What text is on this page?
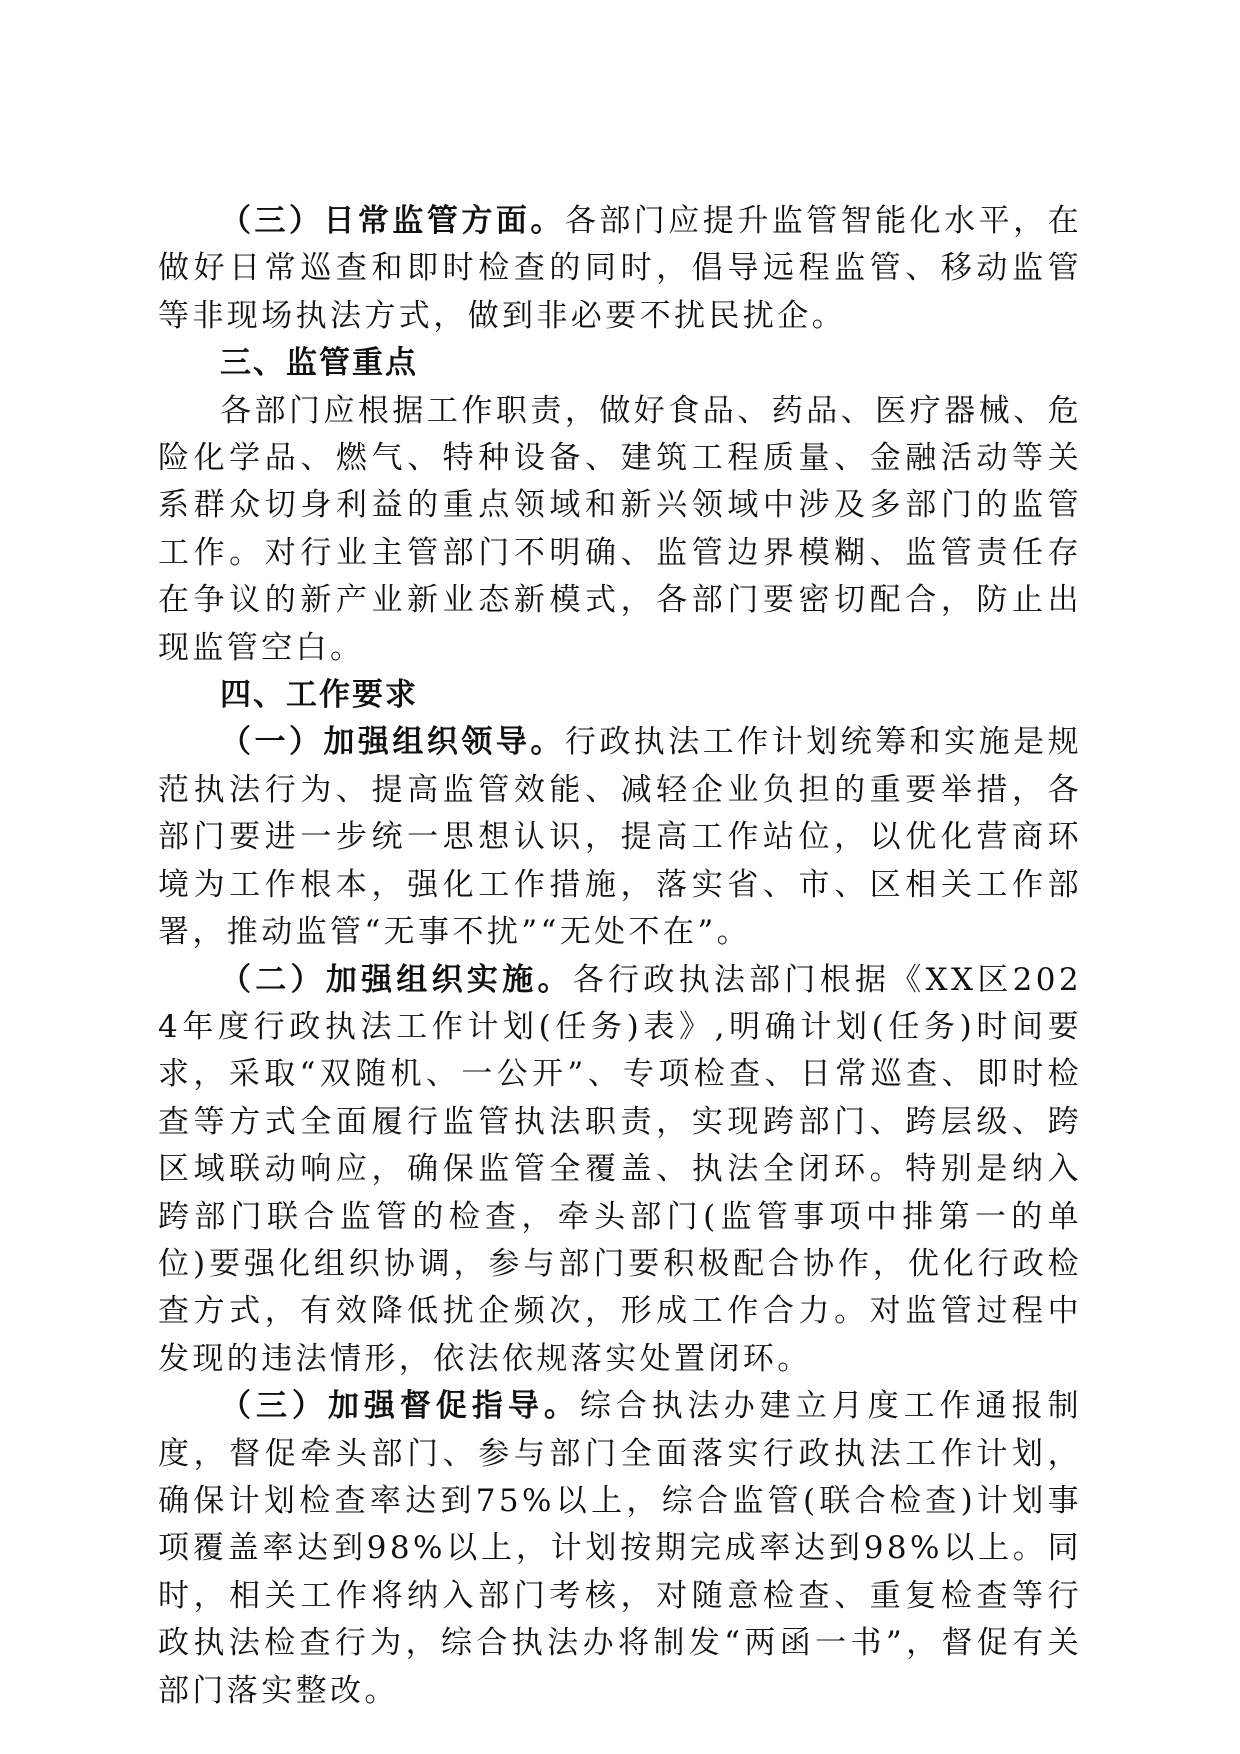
（三）日常监管方面。各部门应提升监管智能化水平，在做好日常巡查和即时检查的同时，倡导远程监管、移动监管等非现场执法方式，做到非必要不扰民扰企。

三、监管重点

各部门应根据工作职责，做好食品、药品、医疗器械、危险化学品、燃气、特种设备、建筑工程质量、金融活动等关系群众切身利益的重点领域和新兴领域中涉及多部门的监管工作。对行业主管部门不明确、监管边界模糊、监管责任存在争议的新产业新业态新模式，各部门要密切配合，防止出现监管空白。

四、工作要求

（一）加强组织领导。行政执法工作计划统筹和实施是规范执法行为、提高监管效能、减轻企业负担的重要举措，各部门要进一步统一思想认识，提高工作站位，以优化营商环境为工作根本，强化工作措施，落实省、市、区相关工作部署，推动监管“无事不扰”“无处不在”。

（二）加强组织实施。各行政执法部门根据《XX区2024年度行政执法工作计划(任务)表》,明确计划(任务)时间要求，采取“双随机、一公开”、专项检查、日常巡查、即时检查等方式全面履行监管执法职责，实现跨部门、跨层级、跨区域联动响应，确保监管全覆盖、执法全闭环。特别是纳入跨部门联合监管的检查，牵头部门(监管事项中排第一的单位)要强化组织协调，参与部门要积极配合协作，优化行政检查方式，有效降低扰企频次，形成工作合力。对监管过程中发现的违法情形，依法依规落实处置闭环。

（三）加强督促指导。综合执法办建立月度工作通报制度，督促牵头部门、参与部门全面落实行政执法工作计划，确保计划检查率达到75%以上，综合监管(联合检查)计划事项覆盖率达到98%以上，计划按期完成率达到98%以上。同时，相关工作将纳入部门考核，对随意检查、重复检查等行政执法检查行为，综合执法办将制发“两函一书”，督促有关部门落实整改。
